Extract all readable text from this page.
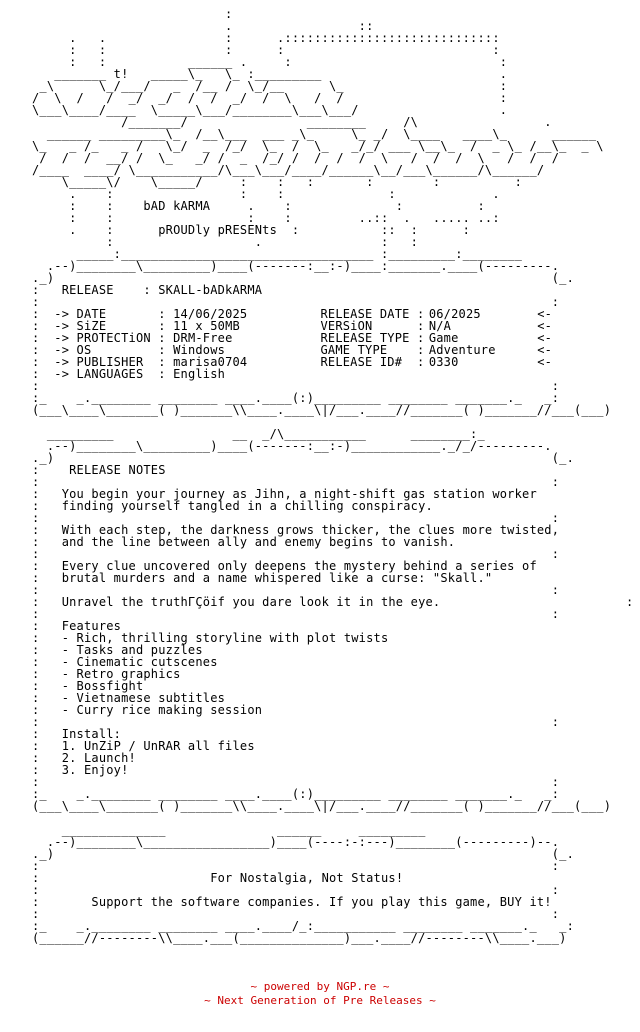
:
.                 ::
.   .                :      .:::::::::::::::::::::::::::::
:   :                :      :                            :
:   :           ______ .     :                            :
_______ t!   _____\_   \_ :_________                        .
_\      \_/___/   _  /__ /  \_/__      \_                     :
/  \  /   /  _/  _/  /  /  _/  /  \   /  /                     :
\___\____/____  \_____\___/________\___\___/                   .
/_______/                ________     /\                 .
______ _________\_  /__\___  ___ _\_     \_ _/  \____   ____\_      ______
\_   _ /_   _ /   \_/  _  /_/  \_  /  \_   _/_/ ___ \__\_  /  _ \_ /__\_  _ \
/  /  /  __/ /  \_   _/ /  _  /_/ /  /  /  /  \   /  /  /  \   /  /  /
/____  ____/ \___________/\___\___/____/______\__/___\______/\______/
\_____\/    \_____/     :    :   :       :        :          :
.    :                 :    :              :             .
:    :    bAD kARMA     .    :              :          :
:    :                  :    :         ..::  .   ..... ..:
.    :      pROUDly pRESENts  :           ::  :      :
:                   .                :   :
_____:__________________________________ :_________:________
.--)________\_________)____(-------:__:-)____:_______.____(---------.
._)                                                                   (_.
:   RELEASE    : SKALL-bADkARMA
:                                                                     :
:  -> DATE       : 14/06/2025	RELEASE DATE : 06/2025	<-
:  -> SiZE       : 11 x 50MB	VERSiON      : N/A	<-
:  -> PROTECTiON : DRM-Free	RELEASE TYPE : Game	<-
:  -> OS         : Windows	GAME TYPE    : Adventure	<-
:  -> PUBLISHER  : marisa0704	RELEASE ID#  : 0330	<-
:  -> LANGUAGES  : English
:                                                                     :
:_    _.________ ________ ____.____(:)_________ ________ _______._   _:
(___\____\_______( )_______\\____.____\|/___.____//_______( )_______//___(___)

_________                __  _/\___________      ________:_
.--)________\_________)____(-------:__:-)____________._/_/---------.
._)                                                                   (_.
:    RELEASE NOTES
:                                                                     :
:   You begin your journey as Jihn, a night-shift gas station worker
:   finding yourself tangled in a chilling conspiracy.
:                                                                     :
:   With each step, the darkness grows thicker, the clues more twisted,
:   and the line between ally and enemy begins to vanish.
:                                                                     :
:   Every clue uncovered only deepens the mystery behind a series of
:   brutal murders and a name whispered like a curse: "Skall."
:                                                                     :
:   Unravel the truthΓÇöif you dare look it in the eye.	:
:                                                                     :
:   Features
:   - Rich, thrilling storyline with plot twists
:   - Tasks and puzzles
:   - Cinematic cutscenes
:   - Retro graphics
:   - Bossfight
:   - Vietnamese subtitles
:   - Curry rice making session
:                                                                     :
:   Install:
:   1. UnZiP / UnRAR all files
:   2. Launch!
:   3. Enjoy!
:                                                                     :
:_    _.________ ________ ____.____(:)_________ ________ _______._   _:
(___\____\_______( )_______\\____.____\|/___.____//_______( )_______//___(___)

______________               ______     _________
.--)________\_________________)____(----:-:---)________(---------)--.
._)                                                                   (_.
:                                                                     :
:                       For Nostalgia, Not Status!
:                                                                     :
:       Support the software companies. If you play this game, BUY it!
:                                                                     :
:_    _.________ ________ ____.____/_:___________ ________ _______._   _:
(______//--------\\____.___(______________)___.____//--------\\____.___)
~ powered by NGP.re ~
~ Next Generation of Pre Releases ~
